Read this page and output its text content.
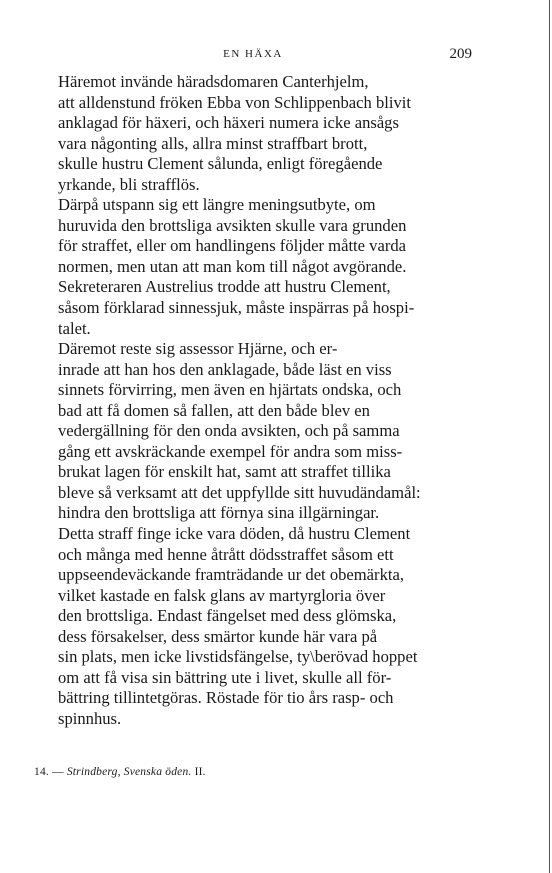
EN HÄXA	209

Häremot invände häradsdomaren Canterhjelm,
att alldenstund fröken Ebba von Schlippenbach blivit
anklagad för häxeri, och häxeri numera icke ansågs
vara någonting alls, allra minst straffbart brott,
skulle hustru Clement sålunda, enligt föregående
yrkande, bli strafflös.

Därpå utspann sig ett längre meningsutbyte, om
huruvida den brottsliga avsikten skulle vara grunden
för straffet, eller om handlingens följder måtte varda
normen, men utan att man kom till något avgörande.
Sekreteraren Austrelius trodde att hustru Clement,
såsom förklarad sinnessjuk, måste inspärras på hospi-
talet.

Däremot reste sig assessor Hjärne, och er-
inrade att han hos den anklagade, både läst en viss
sinnets förvirring, men även en hjärtats ondska, och
bad att få domen så fallen, att den både blev en
vedergällning för den onda avsikten, och på samma
gång ett avskräckande exempel för andra som miss-
brukat lagen för enskilt hat, samt att straffet tillika
bleve så verksamt att det uppfyllde sitt huvudändamål:
hindra den brottsliga att förnya sina illgärningar.
Detta straff finge icke vara döden, då hustru Clement
och många med henne åtrått dödsstraffet såsom ett
uppseendeväckande framträdande ur det obemärkta,
vilket kastade en falsk glans av martyrgloria över
den brottsliga. Endast fängelset med dess glömska,
dess försakelser, dess smärtor kunde här vara på
sin plats, men icke livstidsfängelse, ty\berövad hoppet
om att få visa sin bättring ute i livet, skulle all för-
bättring tillintetgöras. Röstade för tio års rasp- och
spinnhus.

14. — Strindberg, Svenska öden. II.
